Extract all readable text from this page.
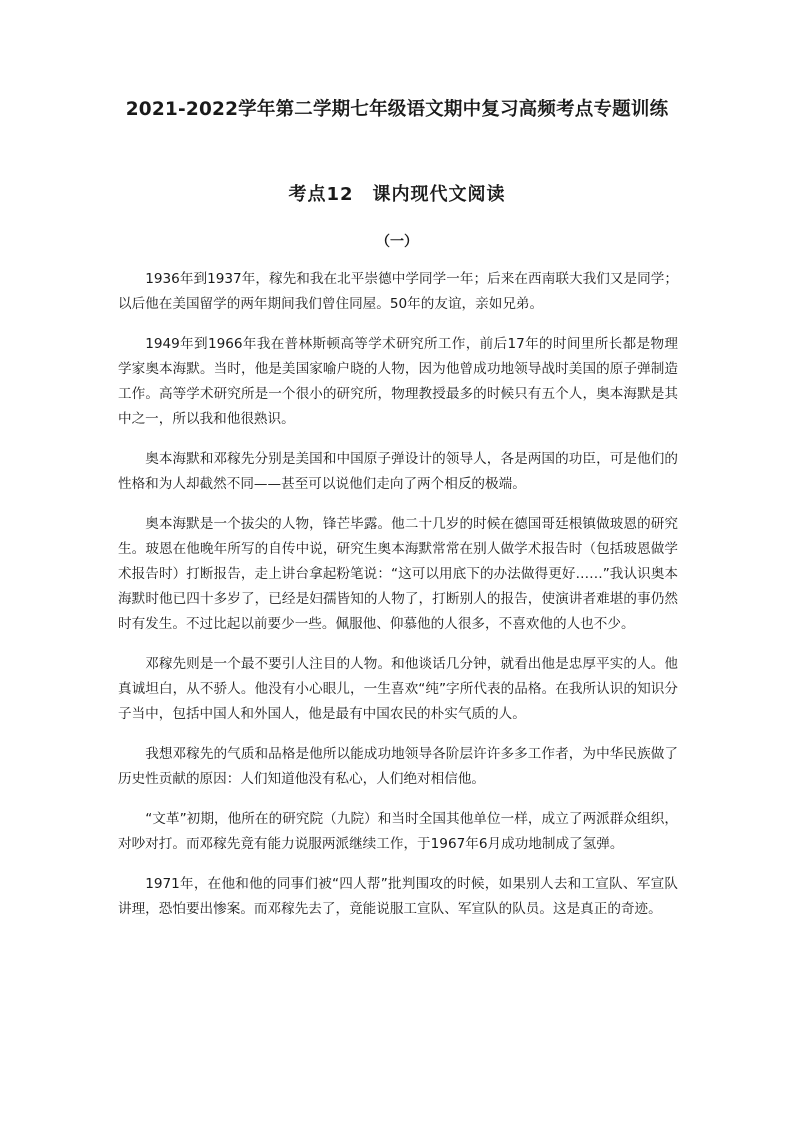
2021-2022学年第二学期七年级语文期中复习高频考点专题训练
考点12　课内现代文阅读
（一）

1936年到1937年，稼先和我在北平崇德中学同学一年；后来在西南联大我们又是同学；以后他在美国留学的两年期间我们曾住同屋。50年的友谊，亲如兄弟。

1949年到1966年我在普林斯顿高等学术研究所工作，前后17年的时间里所长都是物理学家奥本海默。当时，他是美国家喻户晓的人物，因为他曾成功地领导战时美国的原子弹制造工作。高等学术研究所是一个很小的研究所，物理教授最多的时候只有五个人，奥本海默是其中之一，所以我和他很熟识。

奥本海默和邓稼先分别是美国和中国原子弹设计的领导人，各是两国的功臣，可是他们的性格和为人却截然不同——甚至可以说他们走向了两个相反的极端。

奥本海默是一个拔尖的人物，锋芒毕露。他二十几岁的时候在德国哥廷根镇做玻恩的研究生。玻恩在他晚年所写的自传中说，研究生奥本海默常常在别人做学术报告时（包括玻恩做学术报告时）打断报告，走上讲台拿起粉笔说：“这可以用底下的办法做得更好……”我认识奥本海默时他已四十多岁了，已经是妇孺皆知的人物了，打断别人的报告，使演讲者难堪的事仍然时有发生。不过比起以前要少一些。佩服他、仰慕他的人很多，不喜欢他的人也不少。

邓稼先则是一个最不要引人注目的人物。和他谈话几分钟，就看出他是忠厚平实的人。他真诚坦白，从不骄人。他没有小心眼儿，一生喜欢“纯”字所代表的品格。在我所认识的知识分子当中，包括中国人和外国人，他是最有中国农民的朴实气质的人。

我想邓稼先的气质和品格是他所以能成功地领导各阶层许许多多工作者，为中华民族做了历史性贡献的原因：人们知道他没有私心，人们绝对相信他。

“文革”初期，他所在的研究院（九院）和当时全国其他单位一样，成立了两派群众组织，对吵对打。而邓稼先竟有能力说服两派继续工作，于1967年6月成功地制成了氢弹。

1971年，在他和他的同事们被“四人帮”批判围攻的时候，如果别人去和工宣队、军宣队讲理，恐怕要出惨案。而邓稼先去了，竟能说服工宣队、军宣队的队员。这是真正的奇迹。
